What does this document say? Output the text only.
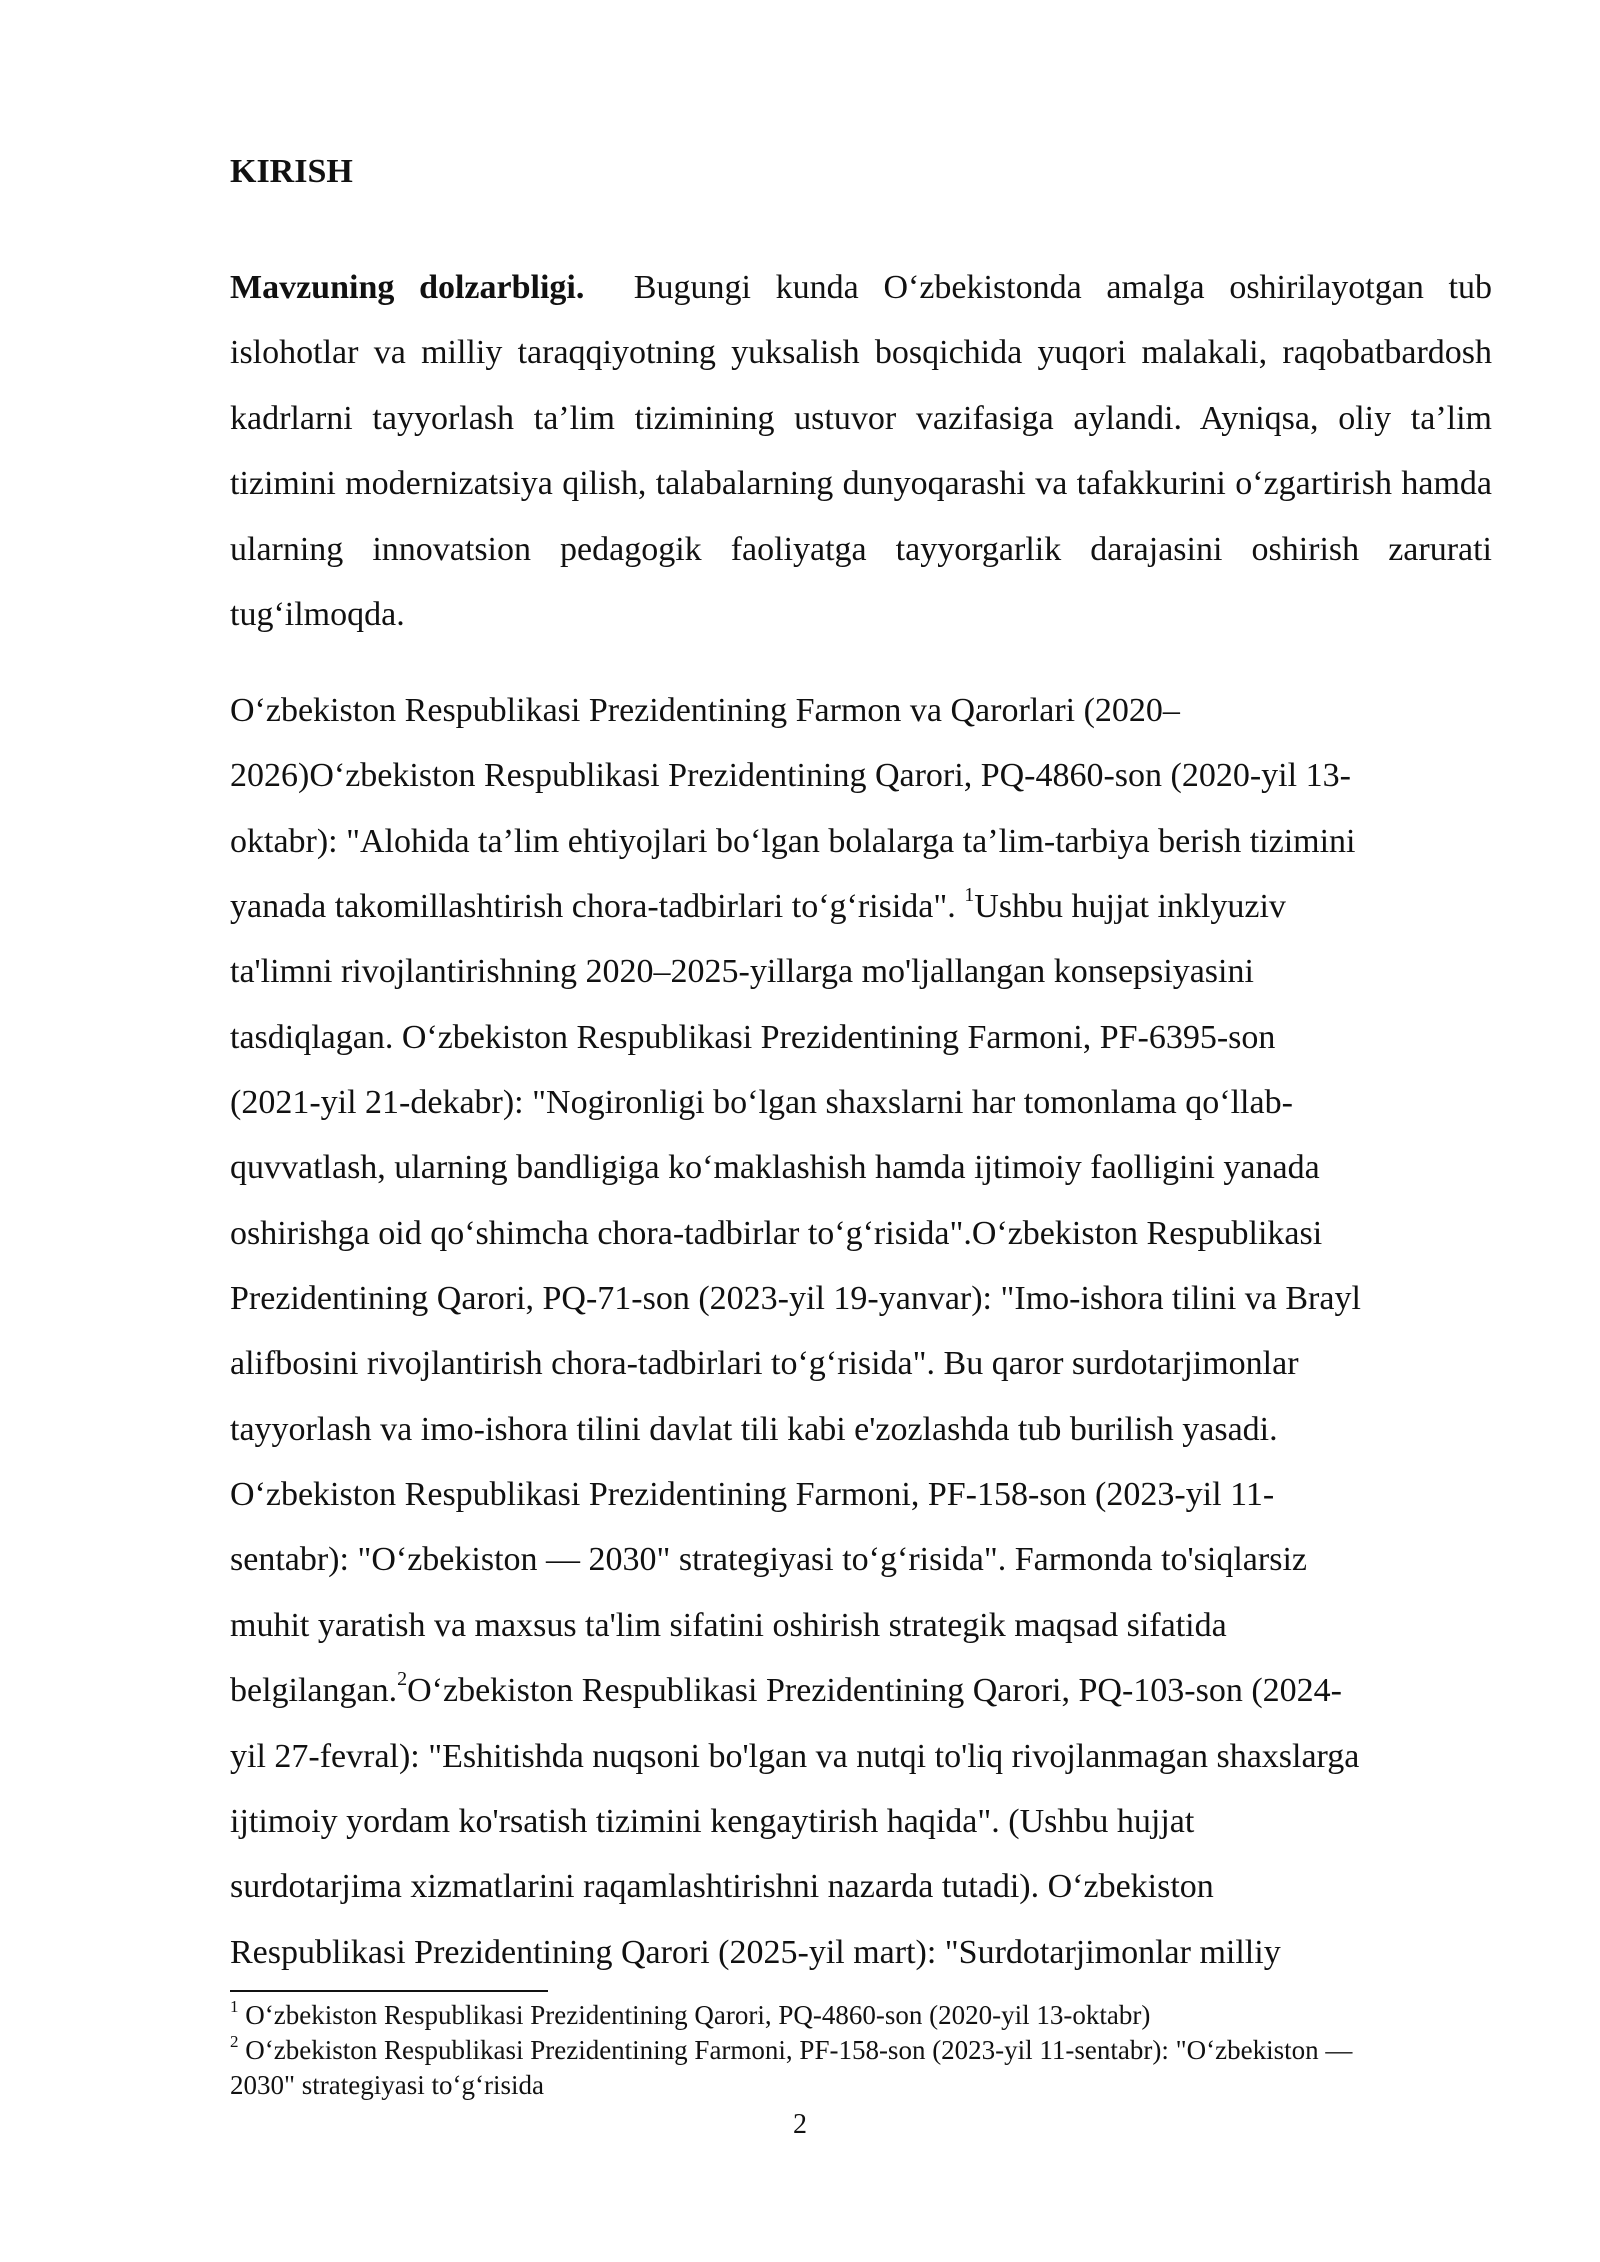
KIRISH

Mavzuning dolzarbligi. Bugungi kunda O‘zbekistonda amalga oshirilayotgan tub islohotlar va milliy taraqqiyotning yuksalish bosqichida yuqori malakali, raqobatbardosh kadrlarni tayyorlash ta’lim tizimining ustuvor vazifasiga aylandi. Ayniqsa, oliy ta’lim tizimini modernizatsiya qilish, talabalarning dunyoqarashi va tafakkurini o‘zgartirish hamda ularning innovatsion pedagogik faoliyatga tayyorgarlik darajasini oshirish zarurati tug‘ilmoqda.

O‘zbekiston Respublikasi Prezidentining Farmon va Qarorlari (2020–
2026)O‘zbekiston Respublikasi Prezidentining Qarori, PQ-4860-son (2020-yil 13-
oktabr): "Alohida ta’lim ehtiyojlari bo‘lgan bolalarga ta’lim-tarbiya berish tizimini
yanada takomillashtirish chora-tadbirlari to‘g‘risida". $^1$Ushbu hujjat inklyuziv
ta'limni rivojlantirishning 2020–2025-yillarga mo'ljallangan konsepsiyasini
tasdiqlagan. O‘zbekiston Respublikasi Prezidentining Farmoni, PF-6395-son
(2021-yil 21-dekabr): "Nogironligi bo‘lgan shaxslarni har tomonlama qo‘llab-
quvvatlash, ularning bandligiga ko‘maklashish hamda ijtimoiy faolligini yanada
oshirishga oid qo‘shimcha chora-tadbirlar to‘g‘risida".O‘zbekiston Respublikasi
Prezidentining Qarori, PQ-71-son (2023-yil 19-yanvar): "Imo-ishora tilini va Brayl
alifbosini rivojlantirish chora-tadbirlari to‘g‘risida". Bu qaror surdotarjimonlar
tayyorlash va imo-ishora tilini davlat tili kabi e'zozlashda tub burilish yasadi.
O‘zbekiston Respublikasi Prezidentining Farmoni, PF-158-son (2023-yil 11-
sentabr): "O‘zbekiston — 2030" strategiyasi to‘g‘risida". Farmonda to'siqlarsiz
muhit yaratish va maxsus ta'lim sifatini oshirish strategik maqsad sifatida
belgilangan.$^2$O‘zbekiston Respublikasi Prezidentining Qarori, PQ-103-son (2024-
yil 27-fevral): "Eshitishda nuqsoni bo'lgan va nutqi to'liq rivojlanmagan shaxslarga
ijtimoiy yordam ko'rsatish tizimini kengaytirish haqida". (Ushbu hujjat
surdotarjima xizmatlarini raqamlashtirishni nazarda tutadi). O‘zbekiston
Respublikasi Prezidentining Qarori (2025-yil mart): "Surdotarjimonlar milliy

$^1$ O‘zbekiston Respublikasi Prezidentining Qarori, PQ-4860-son (2020-yil 13-oktabr)

$^2$ O‘zbekiston Respublikasi Prezidentining Farmoni, PF-158-son (2023-yil 11-sentabr): "O‘zbekiston —
2030" strategiyasi to‘g‘risida

2
